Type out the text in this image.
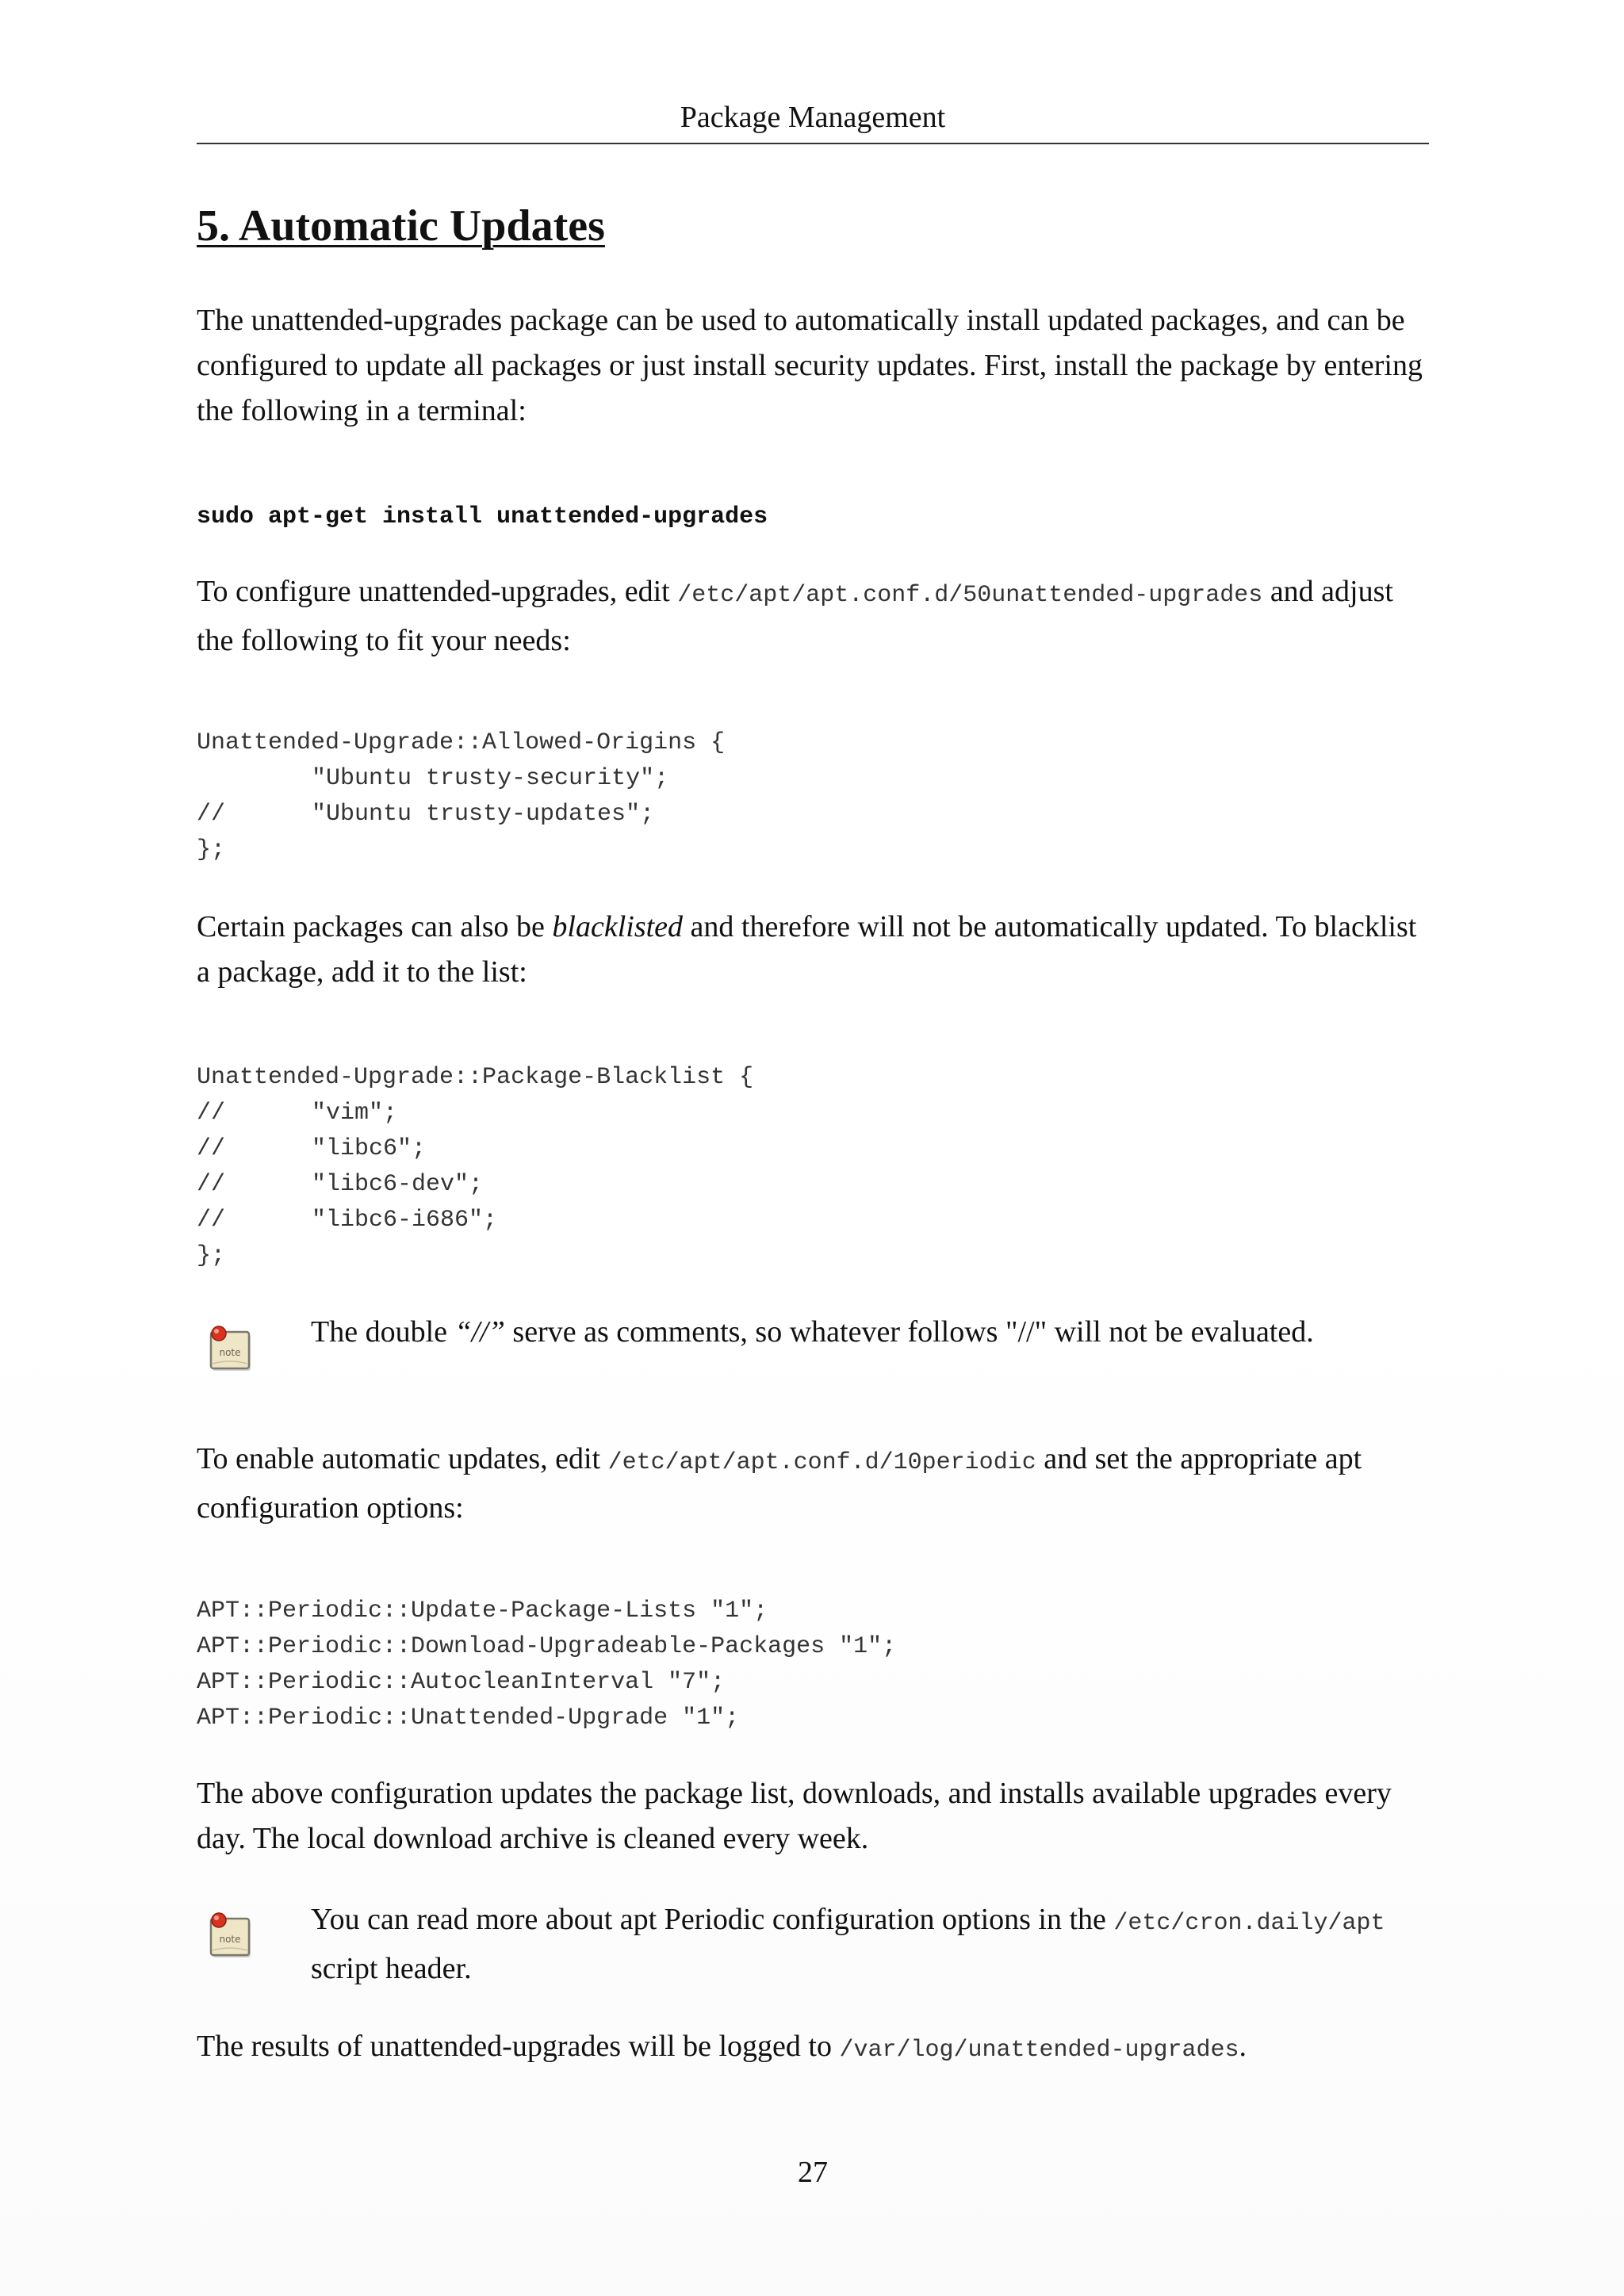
Package Management
5. Automatic Updates

The unattended-upgrades package can be used to automatically install updated packages, and can be configured to update all packages or just install security updates. First, install the package by entering the following in a terminal:

sudo apt-get install unattended-upgrades

To configure unattended-upgrades, edit /etc/apt/apt.conf.d/50unattended-upgrades and adjust the following to fit your needs:

Unattended-Upgrade::Allowed-Origins {
"Ubuntu trusty-security";
//	"Ubuntu trusty-updates";
};

Certain packages can also be blacklisted and therefore will not be automatically updated. To blacklist a package, add it to the list:

Unattended-Upgrade::Package-Blacklist {
//	"vim";
//	"libc6";
//	"libc6-dev";
//	"libc6-i686";
};
note

The double “//” serve as comments, so whatever follows "//" will not be evaluated.

To enable automatic updates, edit /etc/apt/apt.conf.d/10periodic and set the appropriate apt configuration options:

APT::Periodic::Update-Package-Lists "1";
APT::Periodic::Download-Upgradeable-Packages "1";
APT::Periodic::AutocleanInterval "7";
APT::Periodic::Unattended-Upgrade "1";

The above configuration updates the package list, downloads, and installs available upgrades every day. The local download archive is cleaned every week.

note

You can read more about apt Periodic configuration options in the /etc/cron.daily/apt script header.

The results of unattended-upgrades will be logged to /var/log/unattended-upgrades.

27
